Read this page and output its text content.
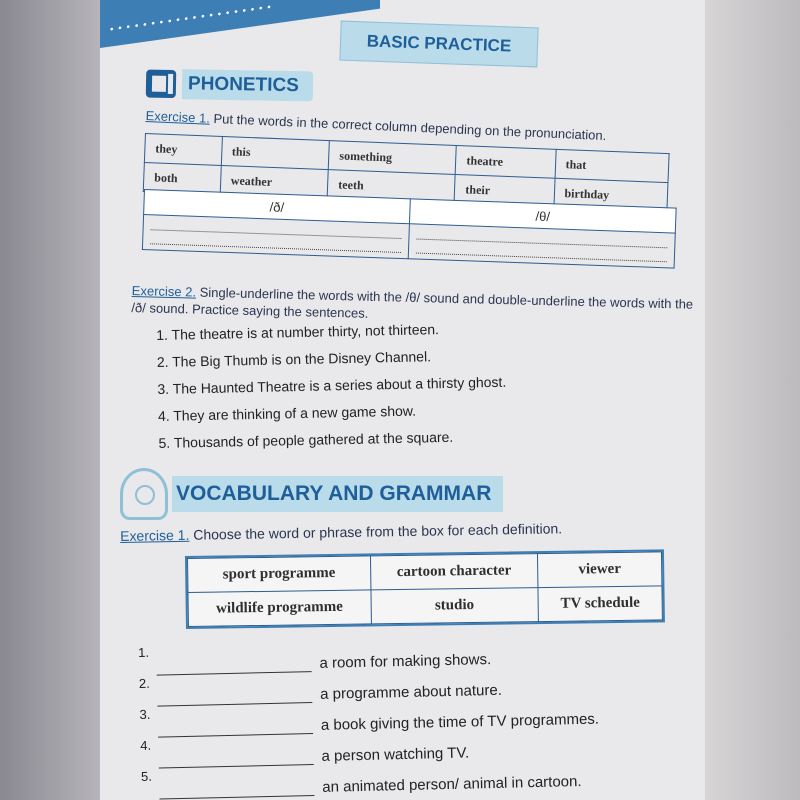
• • • • • • • • • • • • • • • • • • • •
BASIC PRACTICE
PHONETICS
Exercise 1. Put the words in the correct column depending on the pronunciation.
they	this	something	theatre	that
both	weather	teeth	their	birthday
/ð/	/θ/

Exercise 2. Single-underline the words with the /θ/ sound and double-underline the words with the /ð/ sound. Practice saying the sentences.
1. The theatre is at number thirty, not thirteen.
2. The Big Thumb is on the Disney Channel.
3. The Haunted Theatre is a series about a thirsty ghost.
4. They are thinking of a new game show.
5. Thousands of people gathered at the square.
VOCABULARY AND GRAMMAR
Exercise 1. Choose the word or phrase from the box for each definition.
sport programme	cartoon character	viewer
wildlife programme	studio	TV schedule
1.	a room for making shows.
2.	a programme about nature.
3.	a book giving the time of TV programmes.
4.	a person watching TV.
5.	an animated person/ animal in cartoon.
